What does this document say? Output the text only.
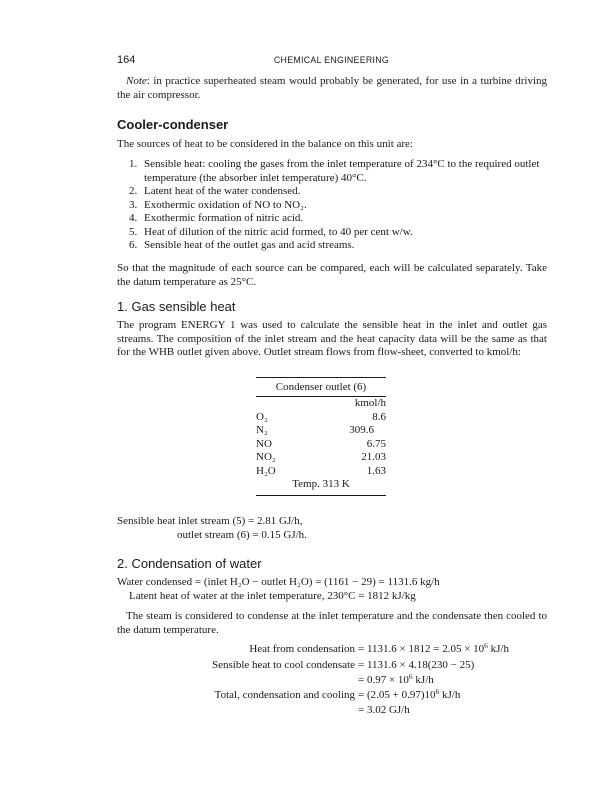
164	CHEMICAL ENGINEERING
Note: in practice superheated steam would probably be generated, for use in a turbine driving the air compressor.
Cooler-condenser
The sources of heat to be considered in the balance on this unit are:
1. Sensible heat: cooling the gases from the inlet temperature of 234°C to the required outlet temperature (the absorber inlet temperature) 40°C.
2. Latent heat of the water condensed.
3. Exothermic oxidation of NO to NO₂.
4. Exothermic formation of nitric acid.
5. Heat of dilution of the nitric acid formed, to 40 per cent w/w.
6. Sensible heat of the outlet gas and acid streams.
So that the magnitude of each source can be compared, each will be calculated separately. Take the datum temperature as 25°C.
1. Gas sensible heat
The program ENERGY 1 was used to calculate the sensible heat in the inlet and outlet gas streams. The composition of the inlet stream and the heat capacity data will be the same as that for the WHB outlet given above. Outlet stream flows from flow-sheet, converted to kmol/h:
Condenser outlet (6)	
	kmol/h
O₂	8.6
N₂	309.6
NO	6.75
NO₂	21.03
H₂O	1.63
Temp. 313 K	
Sensible heat inlet stream (5) = 2.81 GJ/h,
outlet stream (6) = 0.15 GJ/h.
2. Condensation of water
Water condensed = (inlet H₂O − outlet H₂O) = (1161 − 29) = 1131.6 kg/h
Latent heat of water at the inlet temperature, 230°C = 1812 kJ/kg
The steam is considered to condense at the inlet temperature and the condensate then cooled to the datum temperature.
Heat from condensation = $1131.6 \times 1812 = 2.05 \times 10^6$ kJ/h
Sensible heat to cool condensate = 1131.6 × 4.18(230 − 25)
= $0.97 \times 10^6$ kJ/h
Total, condensation and cooling = $(2.05 + 0.97)10^6$ kJ/h
= 3.02 GJ/h
